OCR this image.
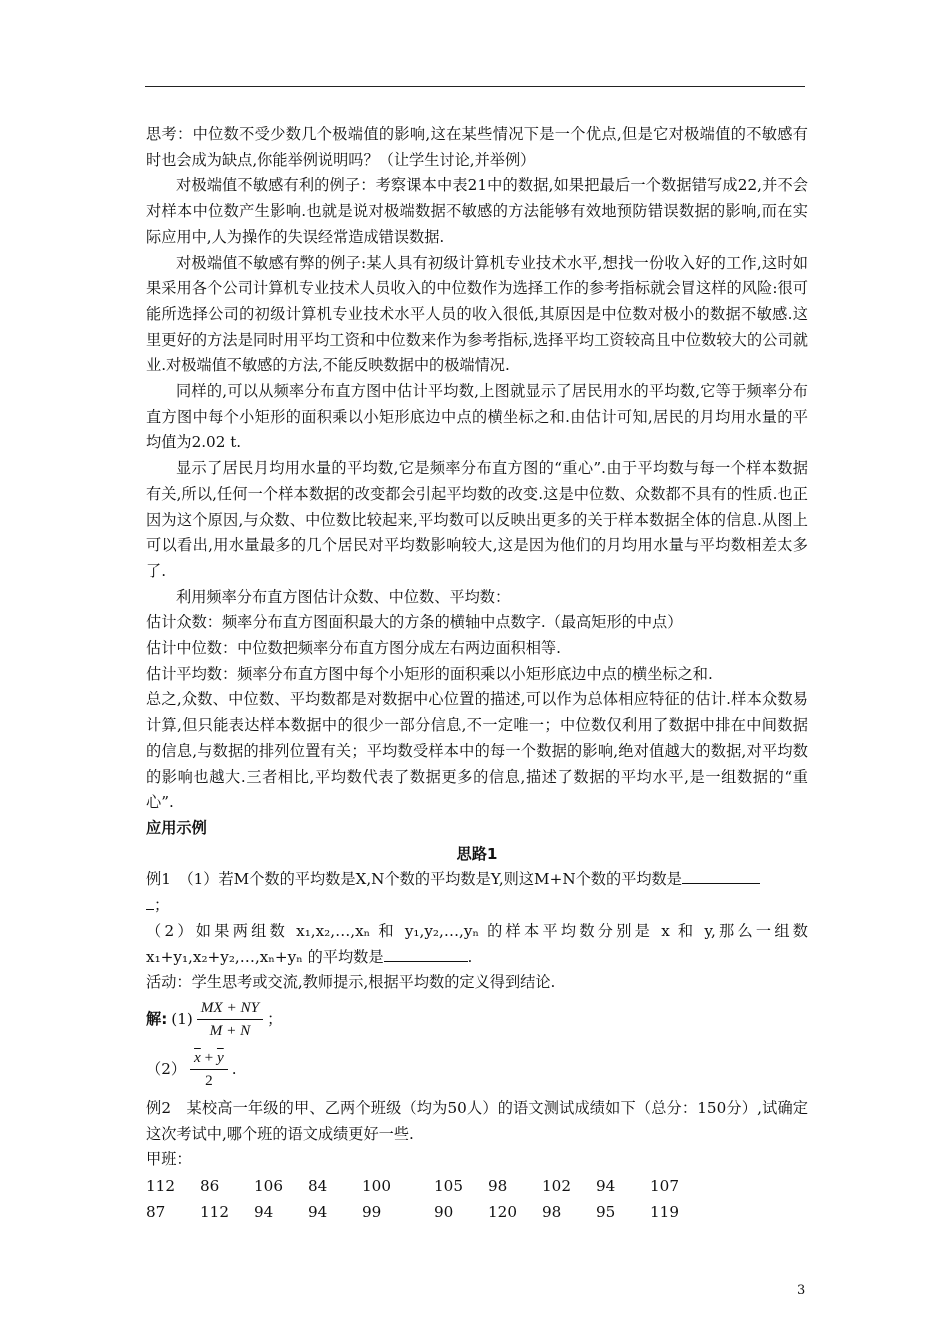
思考：中位数不受少数几个极端值的影响,这在某些情况下是一个优点,但是它对极端值的不敏感有时也会成为缺点,你能举例说明吗？（让学生讨论,并举例）

对极端值不敏感有利的例子：考察课本中表21中的数据,如果把最后一个数据错写成22,并不会对样本中位数产生影响.也就是说对极端数据不敏感的方法能够有效地预防错误数据的影响,而在实际应用中,人为操作的失误经常造成错误数据.

对极端值不敏感有弊的例子:某人具有初级计算机专业技术水平,想找一份收入好的工作,这时如果采用各个公司计算机专业技术人员收入的中位数作为选择工作的参考指标就会冒这样的风险:很可能所选择公司的初级计算机专业技术水平人员的收入很低,其原因是中位数对极小的数据不敏感.这里更好的方法是同时用平均工资和中位数来作为参考指标,选择平均工资较高且中位数较大的公司就业.对极端值不敏感的方法,不能反映数据中的极端情况.

同样的,可以从频率分布直方图中估计平均数,上图就显示了居民用水的平均数,它等于频率分布直方图中每个小矩形的面积乘以小矩形底边中点的横坐标之和.由估计可知,居民的月均用水量的平均值为2.02 t.

显示了居民月均用水量的平均数,它是频率分布直方图的“重心”.由于平均数与每一个样本数据有关,所以,任何一个样本数据的改变都会引起平均数的改变.这是中位数、众数都不具有的性质.也正因为这个原因,与众数、中位数比较起来,平均数可以反映出更多的关于样本数据全体的信息.从图上可以看出,用水量最多的几个居民对平均数影响较大,这是因为他们的月均用水量与平均数相差太多了.

利用频率分布直方图估计众数、中位数、平均数：

估计众数：频率分布直方图面积最大的方条的横轴中点数字.（最高矩形的中点）

估计中位数：中位数把频率分布直方图分成左右两边面积相等.

估计平均数：频率分布直方图中每个小矩形的面积乘以小矩形底边中点的横坐标之和.

总之,众数、中位数、平均数都是对数据中心位置的描述,可以作为总体相应特征的估计.样本众数易计算,但只能表达样本数据中的很少一部分信息,不一定唯一；中位数仅利用了数据中排在中间数据的信息,与数据的排列位置有关；平均数受样本中的每一个数据的影响,绝对值越大的数据,对平均数的影响也越大.三者相比,平均数代表了数据更多的信息,描述了数据的平均水平,是一组数据的“重心”.

应用示例

思路1

例1　（1）若M个数的平均数是X,N个数的平均数是Y,则这M+N个数的平均数是
；

（2）如果两组数 x₁,x₂,…,xₙ 和 y₁,y₂,…,yₙ 的样本平均数分别是 x 和 y,那么一组数 x₁+y₁,x₂+y₂,…,xₙ+yₙ 的平均数是	.

活动：学生思考或交流,教师提示,根据平均数的定义得到结论.

解: $(1) \frac{MX + NY}{M + N}$ ；
$(2) \frac{\overline{x} + \overline{y}}{2}$ .

例2　某校高一年级的甲、乙两个班级（均为50人）的语文测试成绩如下（总分：150分）,试确定这次考试中,哪个班的语文成绩更好一些.

甲班：

112	86	106	84	100	105	98	102	94	107
87	112	94	94	99	90	120	98	95	119
3
